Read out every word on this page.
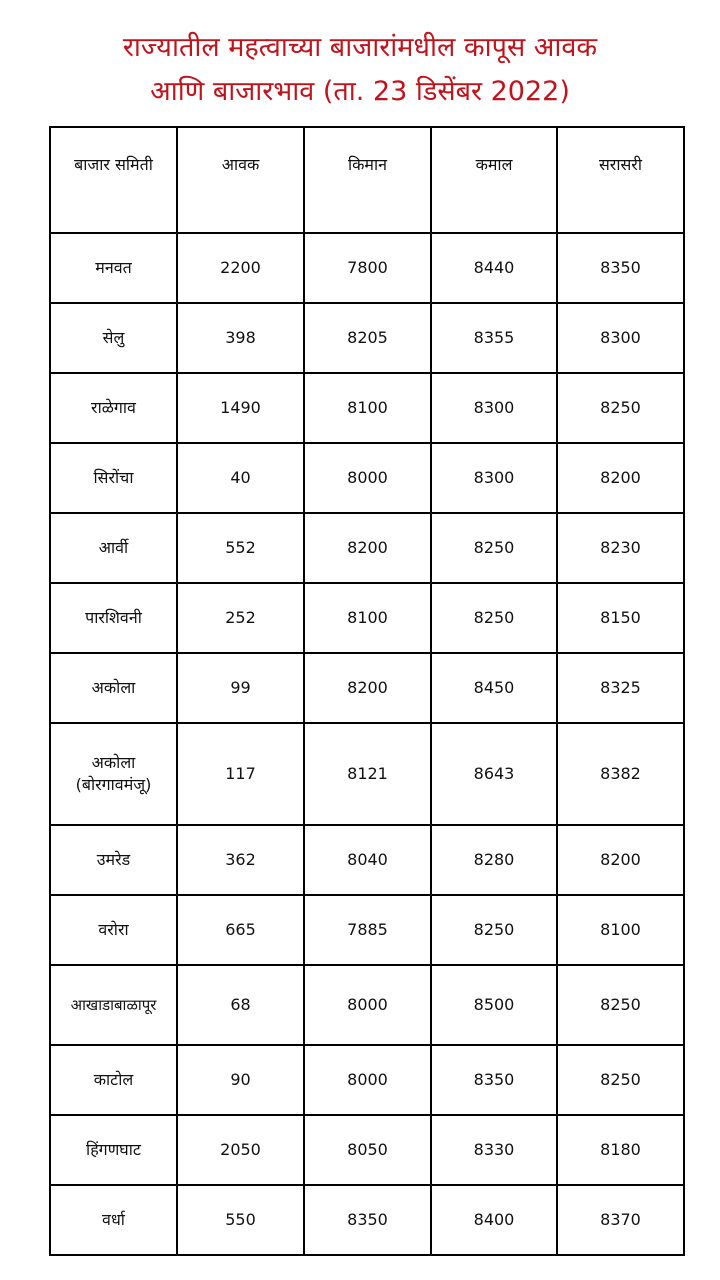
राज्यातील महत्वाच्या बाजारांमधील कापूस आवक
आणि बाजारभाव (ता. 23 डिसेंबर 2022)
बाजार समिती	आवक	किमान	कमाल	सरासरी
मनवत	2200	7800	8440	8350
सेलु	398	8205	8355	8300
राळेगाव	1490	8100	8300	8250
सिरोंचा	40	8000	8300	8200
आर्वी	552	8200	8250	8230
पारशिवनी	252	8100	8250	8150
अकोला	99	8200	8450	8325

अकोला
(बोरगावमंजू)	117	8121	8643	8382
उमरेड	362	8040	8280	8200
वरोरा	665	7885	8250	8100
आखाडाबाळापूर	68	8000	8500	8250
काटोल	90	8000	8350	8250
हिंगणघाट	2050	8050	8330	8180
वर्धा	550	8350	8400	8370
